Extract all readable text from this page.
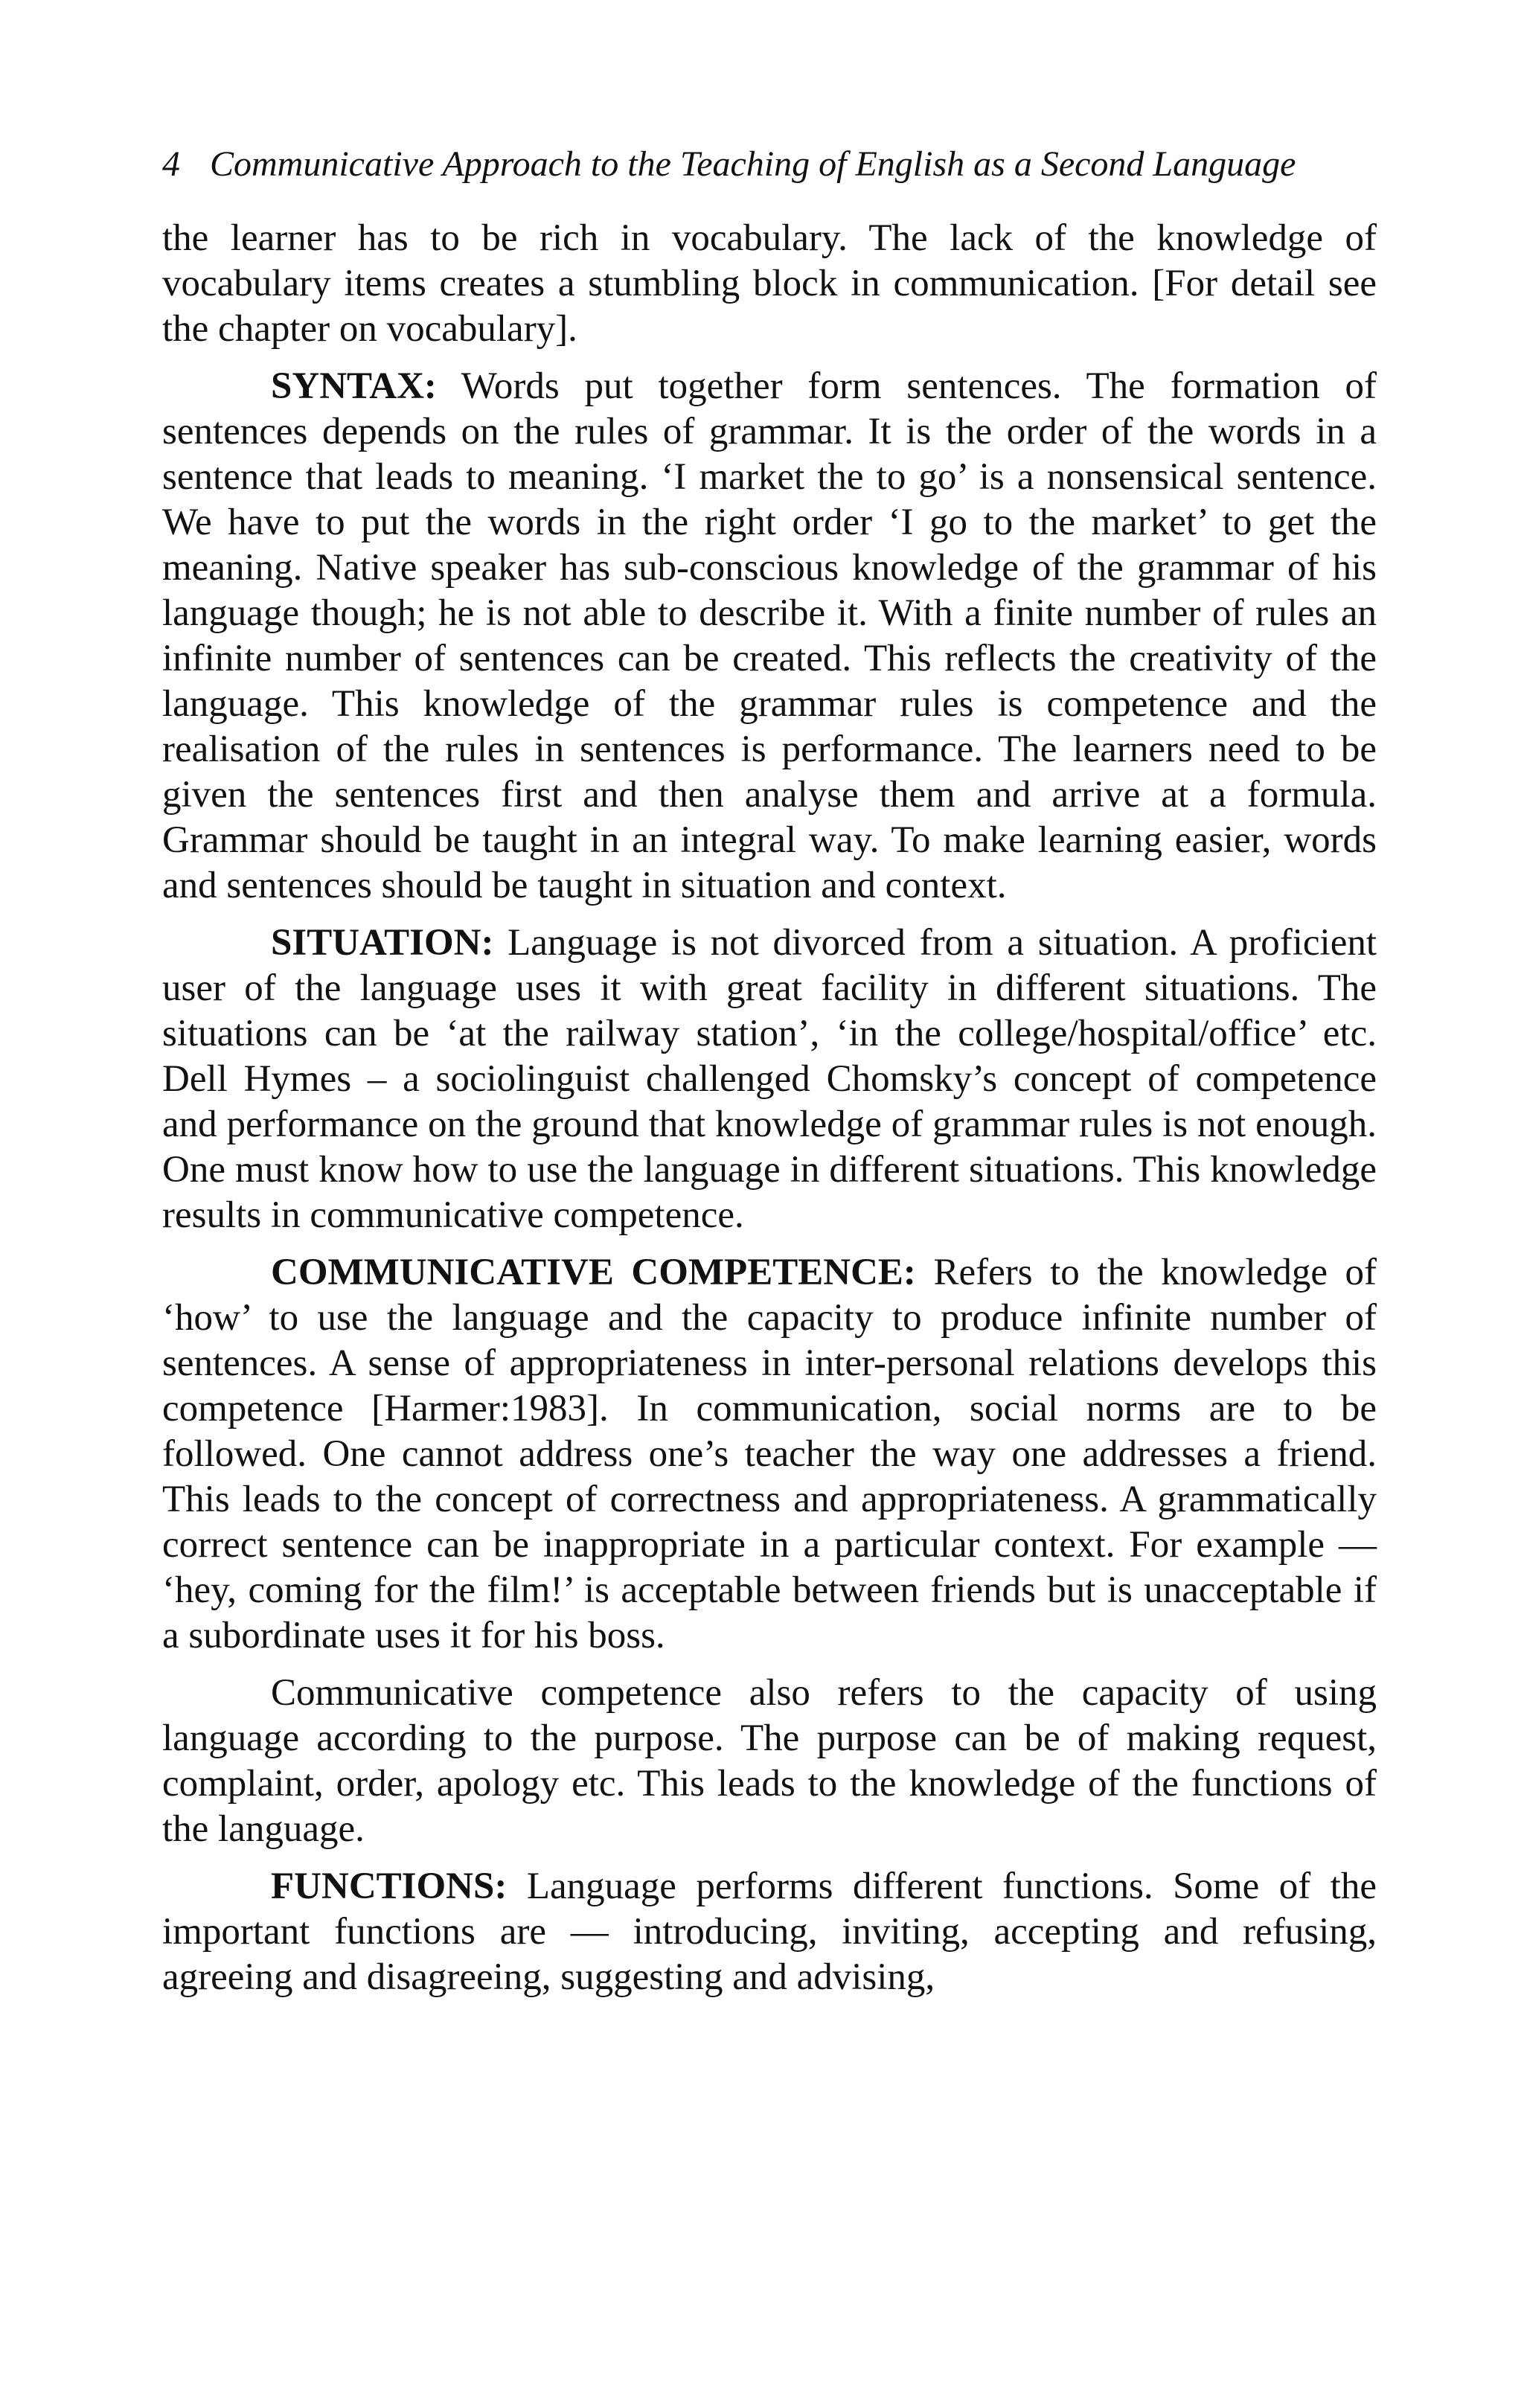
4 Communicative Approach to the Teaching of English as a Second Language

the learner has to be rich in vocabulary. The lack of the knowledge of vocabulary items creates a stumbling block in communication. [For detail see the chapter on vocabulary].

SYNTAX: Words put together form sentences. The formation of sentences depends on the rules of grammar. It is the order of the words in a sentence that leads to meaning. ‘I market the to go’ is a nonsensical sentence. We have to put the words in the right order ‘I go to the market’ to get the meaning. Native speaker has sub-conscious knowledge of the grammar of his language though; he is not able to describe it. With a finite number of rules an infinite number of sentences can be created. This reflects the creativity of the language. This knowledge of the grammar rules is competence and the realisation of the rules in sentences is performance. The learners need to be given the sentences first and then analyse them and arrive at a formula. Grammar should be taught in an integral way. To make learning easier, words and sentences should be taught in situation and context.

SITUATION: Language is not divorced from a situation. A proficient user of the language uses it with great facility in different situations. The situations can be ‘at the railway station’, ‘in the college/hospital/office’ etc. Dell Hymes – a sociolinguist challenged Chomsky’s concept of competence and performance on the ground that knowledge of grammar rules is not enough. One must know how to use the language in different situations. This knowledge results in communicative competence.

COMMUNICATIVE COMPETENCE: Refers to the knowledge of ‘how’ to use the language and the capacity to produce infinite number of sentences. A sense of appropriateness in inter-personal relations develops this competence [Harmer:1983]. In communication, social norms are to be followed. One cannot address one’s teacher the way one addresses a friend. This leads to the concept of correctness and appropriateness. A grammatically correct sentence can be inappropriate in a particular context. For example — ‘hey, coming for the film!’ is acceptable between friends but is unacceptable if a subordinate uses it for his boss.

Communicative competence also refers to the capacity of using language according to the purpose. The purpose can be of making request, complaint, order, apology etc. This leads to the knowledge of the functions of the language.

FUNCTIONS: Language performs different functions. Some of the important functions are — introducing, inviting, accepting and refusing, agreeing and disagreeing, suggesting and advising,
